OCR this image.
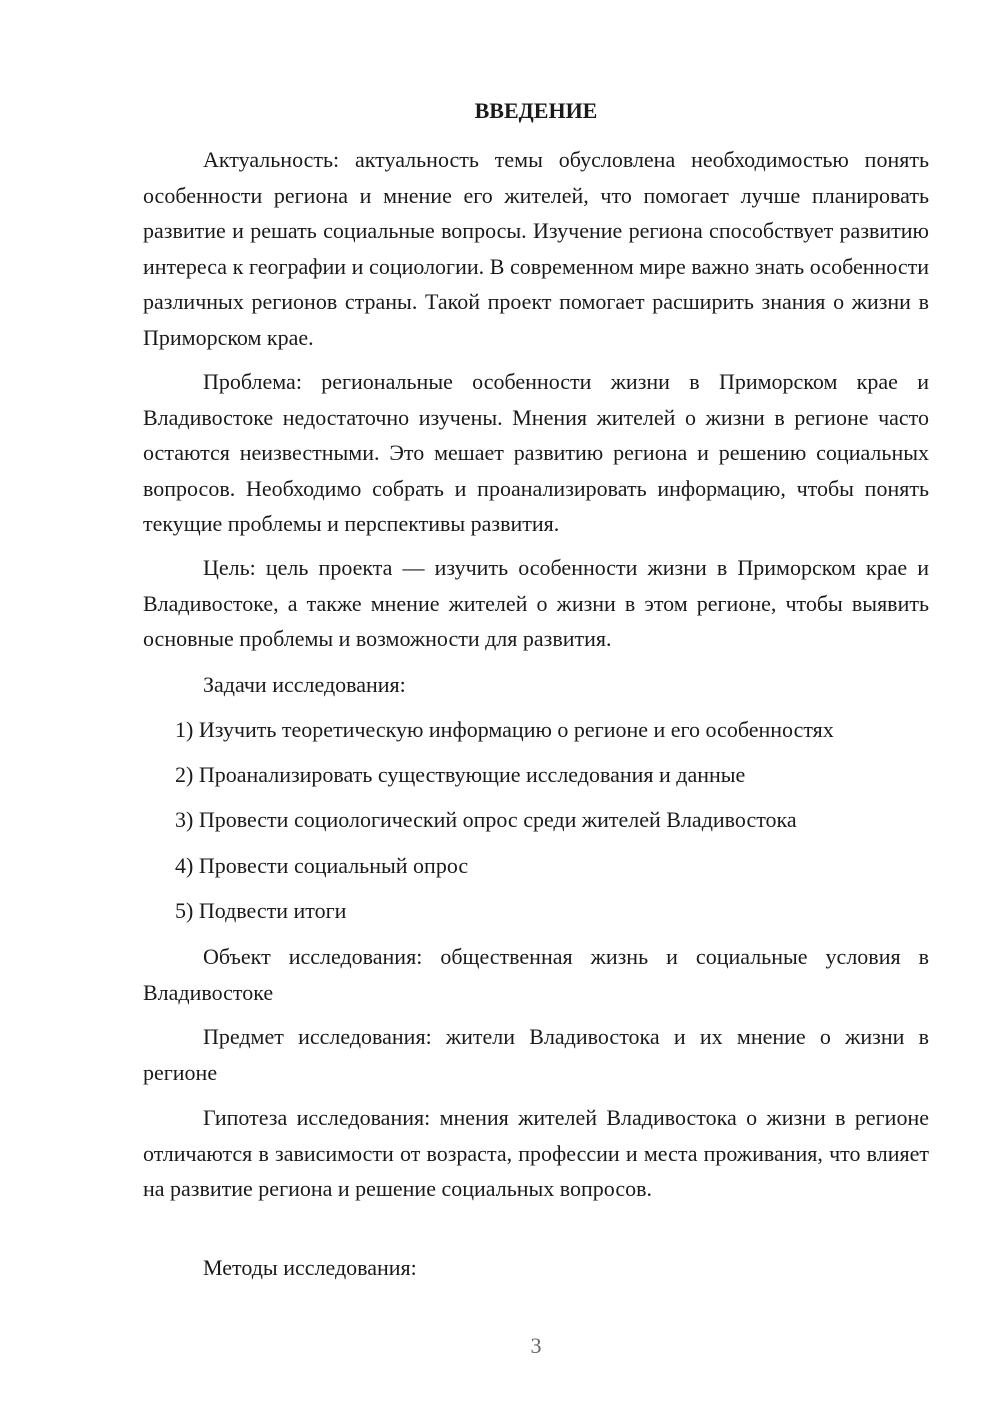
ВВЕДЕНИЕ

Актуальность: актуальность темы обусловлена необходимостью понять особенности региона и мнение его жителей, что помогает лучше планировать развитие и решать социальные вопросы. Изучение региона способствует развитию интереса к географии и социологии. В современном мире важно знать особенности различных регионов страны. Такой проект помогает расширить знания о жизни в Приморском крае.

Проблема: региональные особенности жизни в Приморском крае и Владивостоке недостаточно изучены. Мнения жителей о жизни в регионе часто остаются неизвестными. Это мешает развитию региона и решению социальных вопросов. Необходимо собрать и проанализировать информацию, чтобы понять текущие проблемы и перспективы развития.

Цель: цель проекта — изучить особенности жизни в Приморском крае и Владивостоке, а также мнение жителей о жизни в этом регионе, чтобы выявить основные проблемы и возможности для развития.

Задачи исследования:
1) Изучить теоретическую информацию о регионе и его особенностях
2) Проанализировать существующие исследования и данные
3) Провести социологический опрос среди жителей Владивостока
4) Провести социальный опрос
5) Подвести итоги

Объект исследования: общественная жизнь и социальные условия в Владивостоке

Предмет исследования: жители Владивостока и их мнение о жизни в регионе

Гипотеза исследования: мнения жителей Владивостока о жизни в регионе отличаются в зависимости от возраста, профессии и места проживания, что влияет на развитие региона и решение социальных вопросов.

Методы исследования:
3
